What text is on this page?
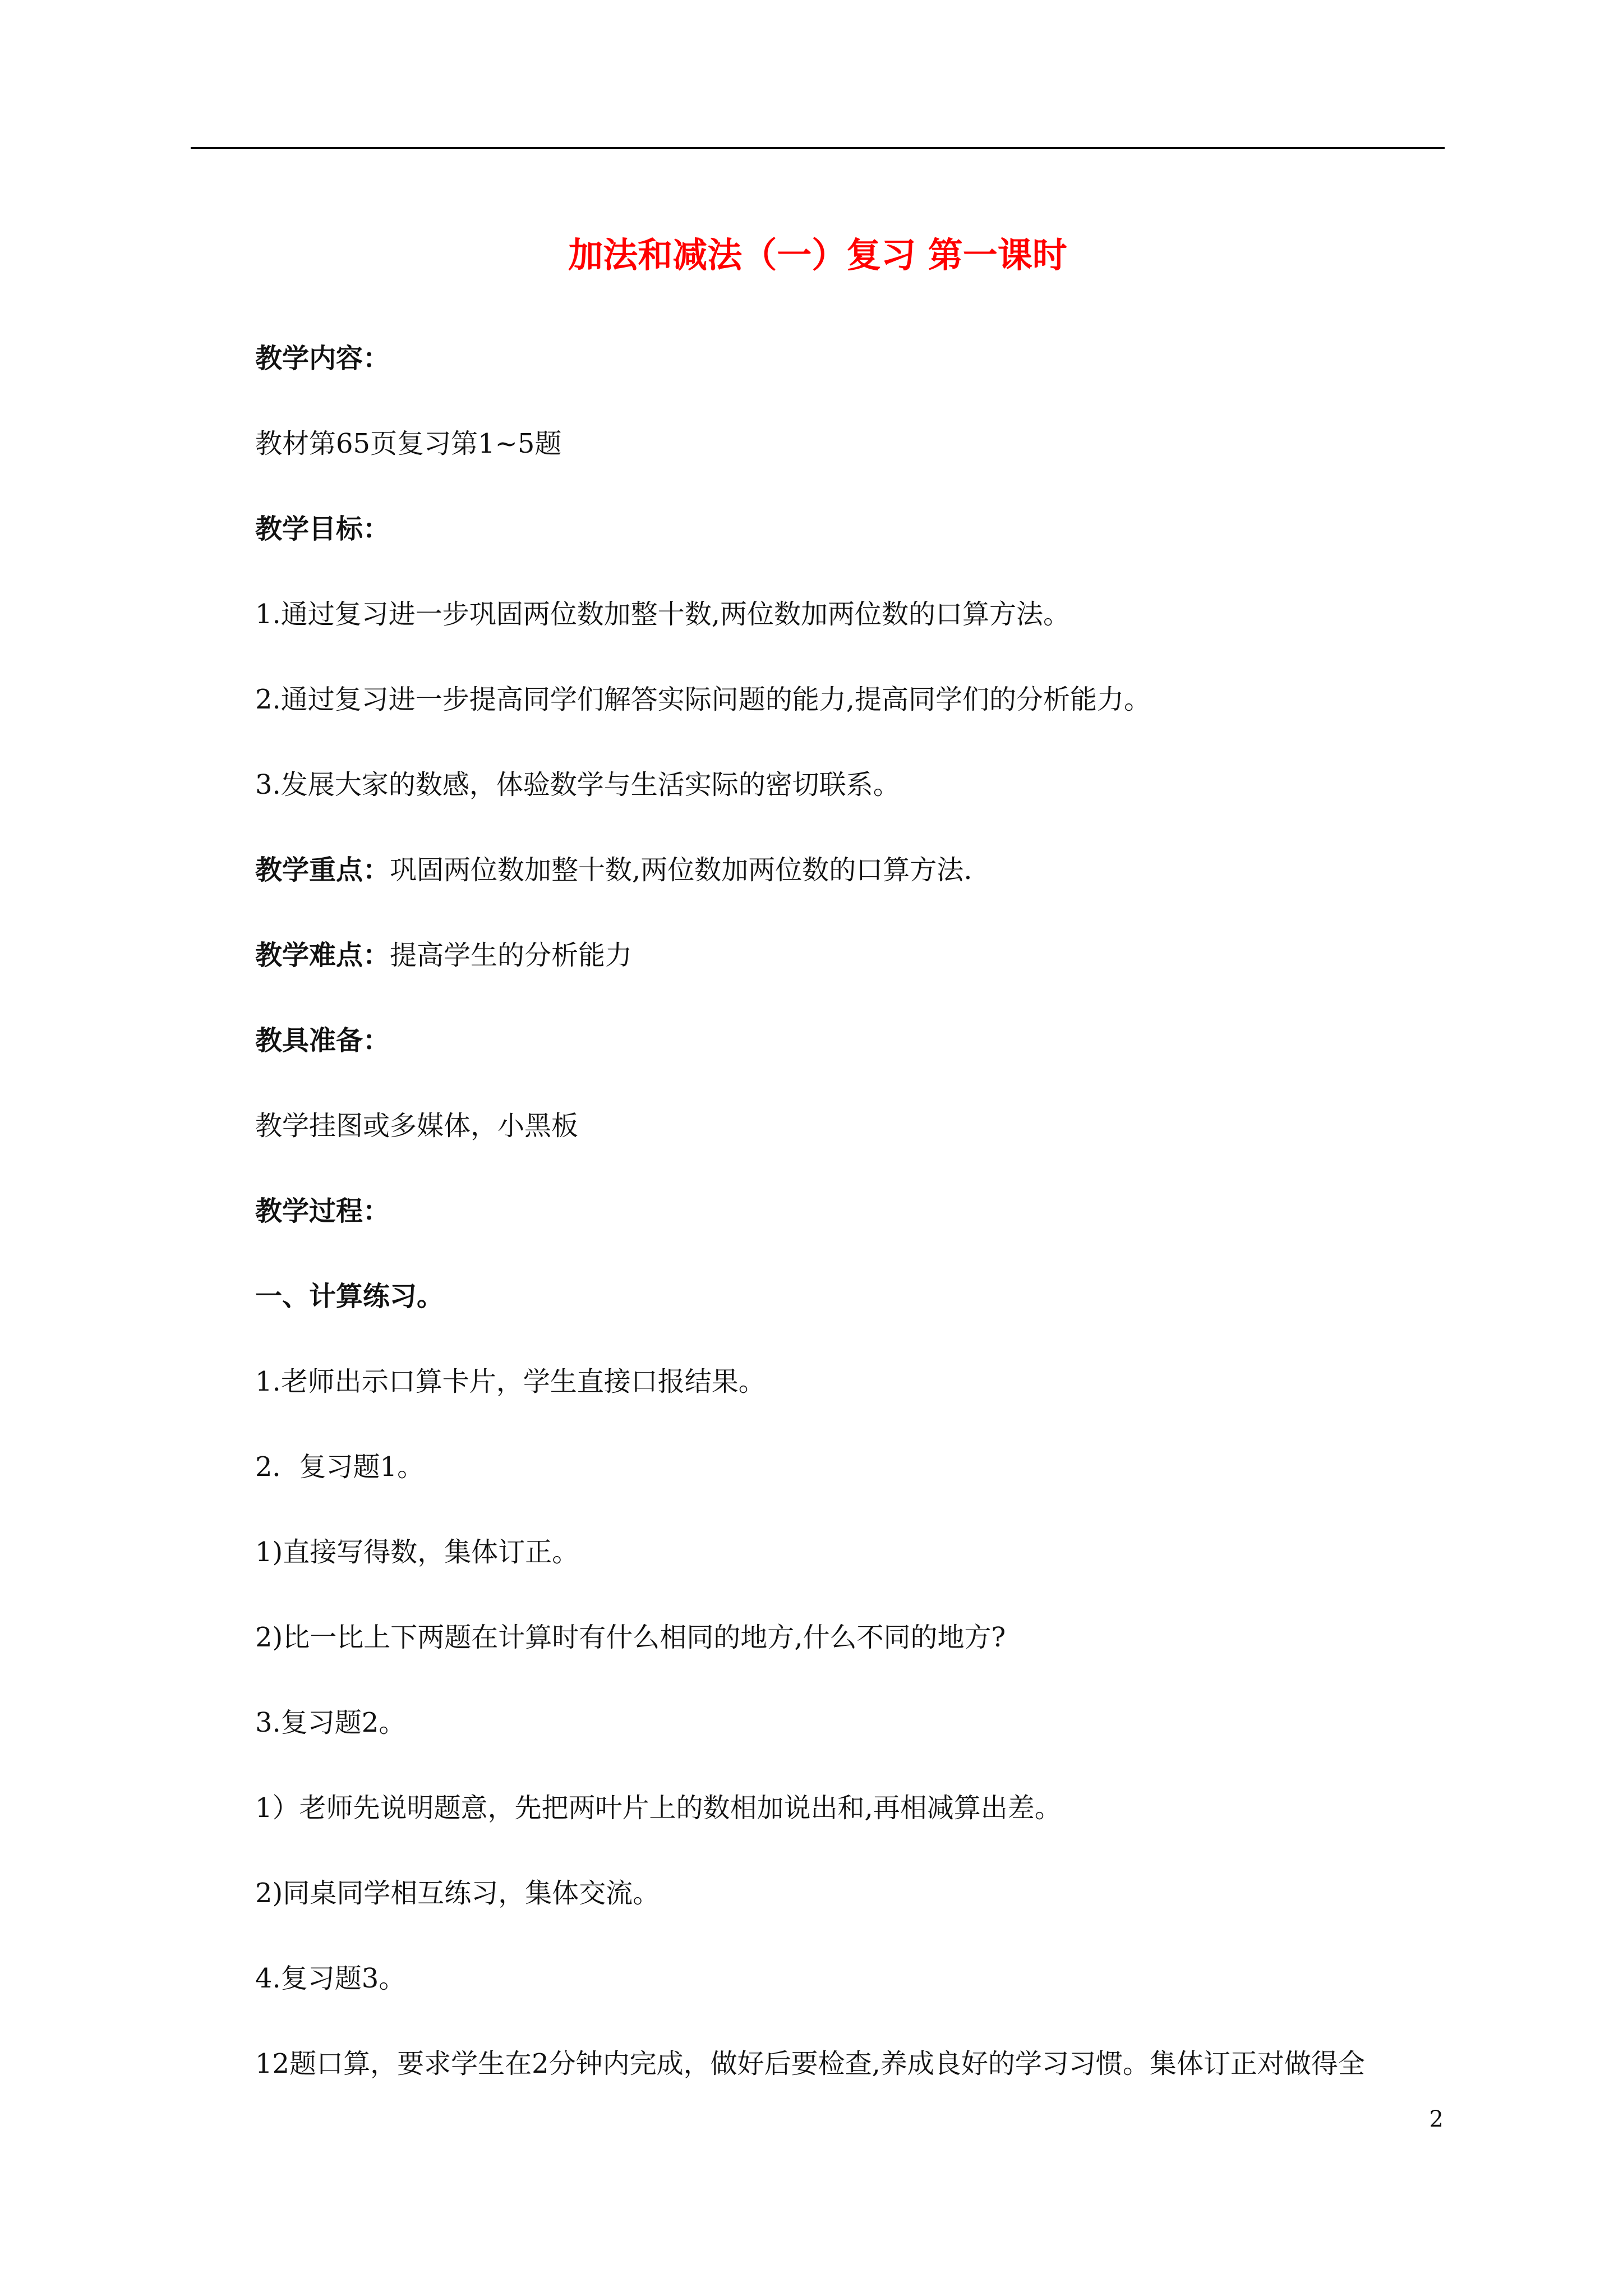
加法和减法（一）复习 第一课时
教学内容：
教材第65页复习第1~5题
教学目标：
1.通过复习进一步巩固两位数加整十数,两位数加两位数的口算方法。
2.通过复习进一步提高同学们解答实际问题的能力,提高同学们的分析能力。
3.发展大家的数感，体验数学与生活实际的密切联系。
教学重点：巩固两位数加整十数,两位数加两位数的口算方法.
教学难点：提高学生的分析能力
教具准备：
教学挂图或多媒体，小黑板
教学过程：
一、计算练习。
1.老师出示口算卡片，学生直接口报结果。
2．复习题1。
1)直接写得数，集体订正。
2)比一比上下两题在计算时有什么相同的地方,什么不同的地方?
3.复习题2。
1）老师先说明题意，先把两叶片上的数相加说出和,再相减算出差。
2)同桌同学相互练习，集体交流。
4.复习题3。
12题口算，要求学生在2分钟内完成，做好后要检查,养成良好的学习习惯。集体订正对做得全
2
